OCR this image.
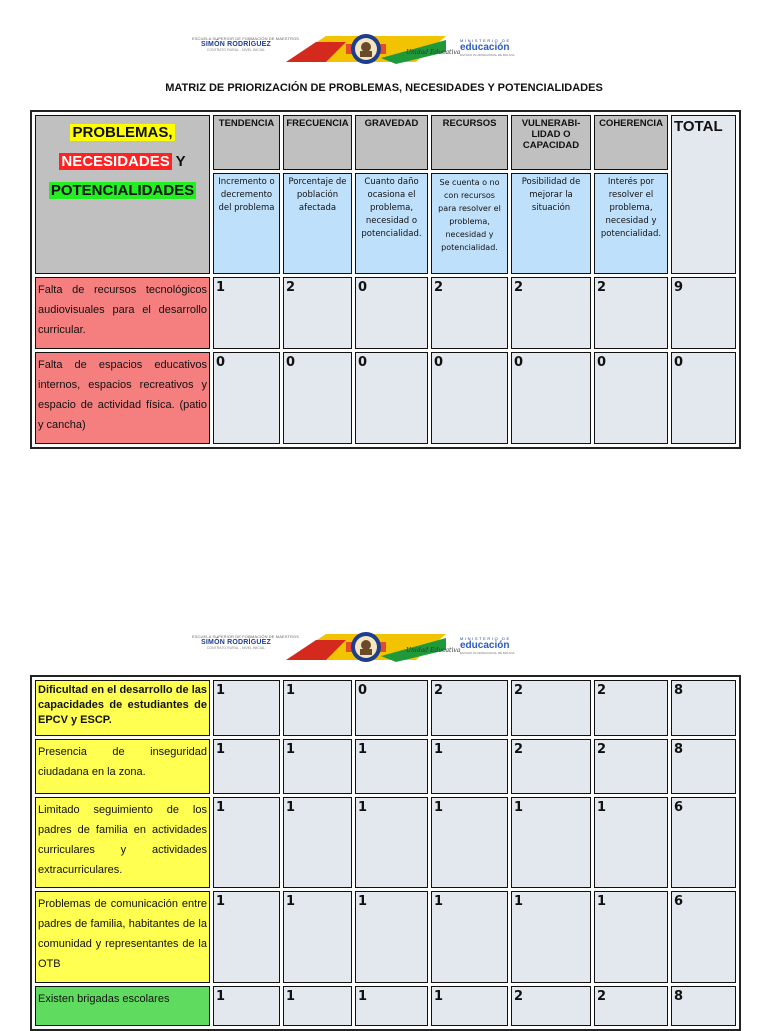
ESCUELA SUPERIOR DE FORMACIÓN DE MAESTROS
SIMÓN RODRÍGUEZ
CONTRATO RURAL - NIVEL INICIAL	Unidad Educativa
MINISTERIO DE
educación
ESTADO PLURINACIONAL DE BOLIVIA
MATRIZ DE PRIORIZACIÓN DE PROBLEMAS, NECESIDADES Y POTENCIALIDADES
PROBLEMAS,
NECESIDADES Y
POTENCIALIDADES	TENDENCIA	FRECUENCIA	GRAVEDAD	RECURSOS	VULNERABI-LIDAD O CAPACIDAD	COHERENCIA	TOTAL
	Incremento o decremento del problema	Porcentaje de población afectada	Cuanto daño ocasiona el problema, necesidad o potencialidad.	Se cuenta o no con recursos para resolver el problema, necesidad y potencialidad.	Posibilidad de mejorar la situación	Interés por resolver el problema, necesidad y potencialidad.	
Falta de recursos tecnológicos audiovisuales para el desarrollo curricular.	1	2	0	2	2	2	9
Falta de espacios educativos internos, espacios recreativos y espacio de actividad física. (patio y cancha)	0	0	0	0	0	0	0
ESCUELA SUPERIOR DE FORMACIÓN DE MAESTROS
SIMÓN RODRÍGUEZ
CONTRATO RURAL - NIVEL INICIAL	Unidad Educativa
MINISTERIO DE
educación
ESTADO PLURINACIONAL DE BOLIVIA
Dificultad en el desarrollo de las capacidades de estudiantes de EPCV y ESCP.	1	1	0	2	2	2	8
Presencia de inseguridad ciudadana en la zona.	1	1	1	1	2	2	8
Limitado seguimiento de los padres de familia en actividades curriculares y actividades extracurriculares.	1	1	1	1	1	1	6
Problemas de comunicación entre padres de familia, habitantes de la comunidad y representantes de la OTB	1	1	1	1	1	1	6
Existen brigadas escolares	1	1	1	1	2	2	8
